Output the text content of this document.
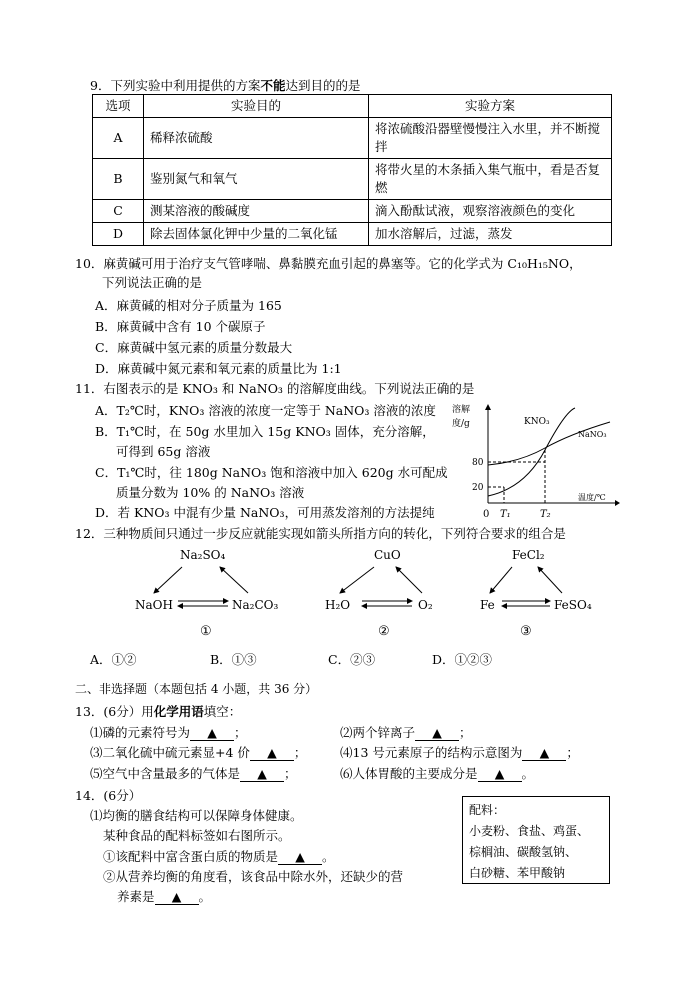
9．下列实验中利用提供的方案不能达到目的的是
选项	实验目的	实验方案
A	稀释浓硫酸	将浓硫酸沿器壁慢慢注入水里，并不断搅拌
B	鉴别氮气和氧气	将带火星的木条插入集气瓶中，看是否复燃
C	测某溶液的酸碱度	滴入酚酞试液，观察溶液颜色的变化
D	除去固体氯化钾中少量的二氧化锰	加水溶解后，过滤，蒸发
10．麻黄碱可用于治疗支气管哮喘、鼻黏膜充血引起的鼻塞等。它的化学式为 C₁₀H₁₅NO，
下列说法正确的是
A．麻黄碱的相对分子质量为 165
B．麻黄碱中含有 10 个碳原子
C．麻黄碱中氢元素的质量分数最大
D．麻黄碱中氮元素和氧元素的质量比为 1:1
11．右图表示的是 KNO₃ 和 NaNO₃ 的溶解度曲线。下列说法正确的是
A．T₂℃时，KNO₃ 溶液的浓度一定等于 NaNO₃ 溶液的浓度
B．T₁℃时，在 50g 水里加入 15g KNO₃ 固体，充分溶解，
可得到 65g 溶液
C．T₁℃时，往 180g NaNO₃ 饱和溶液中加入 620g 水可配成
质量分数为 10% 的 NaNO₃ 溶液
D．若 KNO₃ 中混有少量 NaNO₃，可用蒸发溶剂的方法提纯
溶解
度/g
80
20
0 T₁	T₂
温度/℃
KNO₃
NaNO₃
12．三种物质间只通过一步反应就能实现如箭头所指方向的转化，下列符合要求的组合是
Na₂SO₄
NaOH	Na₂CO₃
①
CuO
H₂O	O₂
②
FeCl₂
Fe	FeSO₄
③
A．①②	B．①③	C．②③	D．①②③
二、非选择题（本题包括 4 小题，共 36 分）
13．(6分）用化学用语填空：
⑴磷的元素符号为 ▲ ；	⑵两个锌离子 ▲ ；
⑶二氧化硫中硫元素显+4 价 ▲ ；	⑷13 号元素原子的结构示意图为 ▲ ；
⑸空气中含量最多的气体是 ▲ ；	⑹人体胃酸的主要成分是 ▲ 。
14．(6分）
⑴均衡的膳食结构可以保障身体健康。
某种食品的配料标签如右图所示。
①该配料中富含蛋白质的物质是 ▲ 。
②从营养均衡的角度看，该食品中除水外，还缺少的营
养素是 ▲ 。
配料：
小麦粉、食盐、鸡蛋、
棕榈油、碳酸氢钠、
白砂糖、苯甲酸钠
